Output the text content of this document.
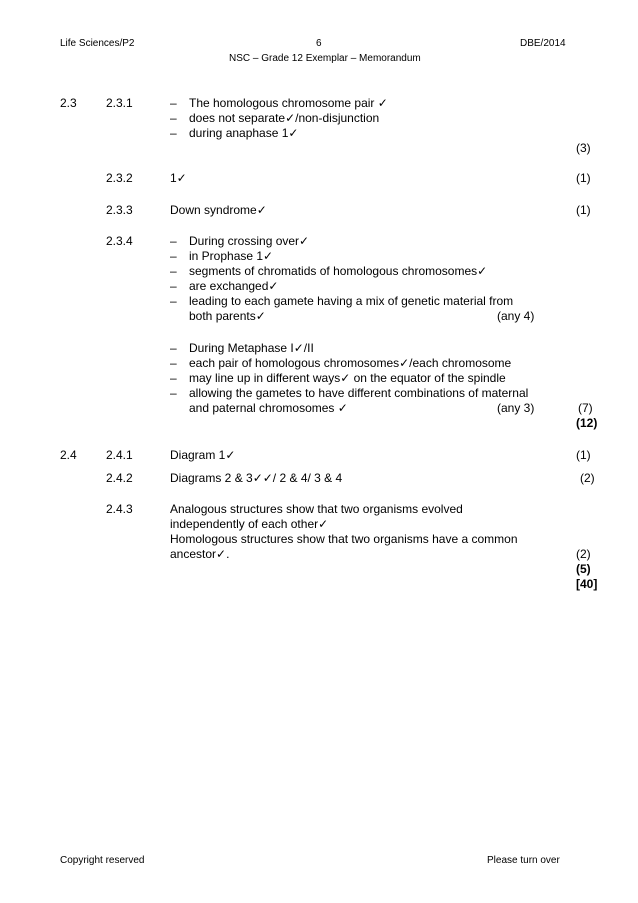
Life Sciences/P2	6	DBE/2014
NSC – Grade 12 Exemplar – Memorandum
2.3 2.3.1	– The homologous chromosome pair ✓
– does not separate✓/non-disjunction
– during anaphase 1✓
(3)
2.3.2	1✓	(1)
2.3.3	Down syndrome✓	(1)
2.3.4	– During crossing over✓
– in Prophase 1✓
– segments of chromatids of homologous chromosomes✓
– are exchanged✓
– leading to each gamete having a mix of genetic material from
both parents✓	(any 4)
– During Metaphase I✓/II
– each pair of homologous chromosomes✓/each chromosome
– may line up in different ways✓ on the equator of the spindle
– allowing the gametes to have different combinations of maternal
and paternal chromosomes ✓	(any 3)	(7)
(12)
2.4 2.4.1	Diagram 1✓	(1)
2.4.2	Diagrams 2 & 3✓✓/ 2 & 4/ 3 & 4	(2)
2.4.3	Analogous structures show that two organisms evolved
independently of each other✓
Homologous structures show that two organisms have a common
ancestor✓.	(2)
(5)
[40]
Copyright reserved	Please turn over
